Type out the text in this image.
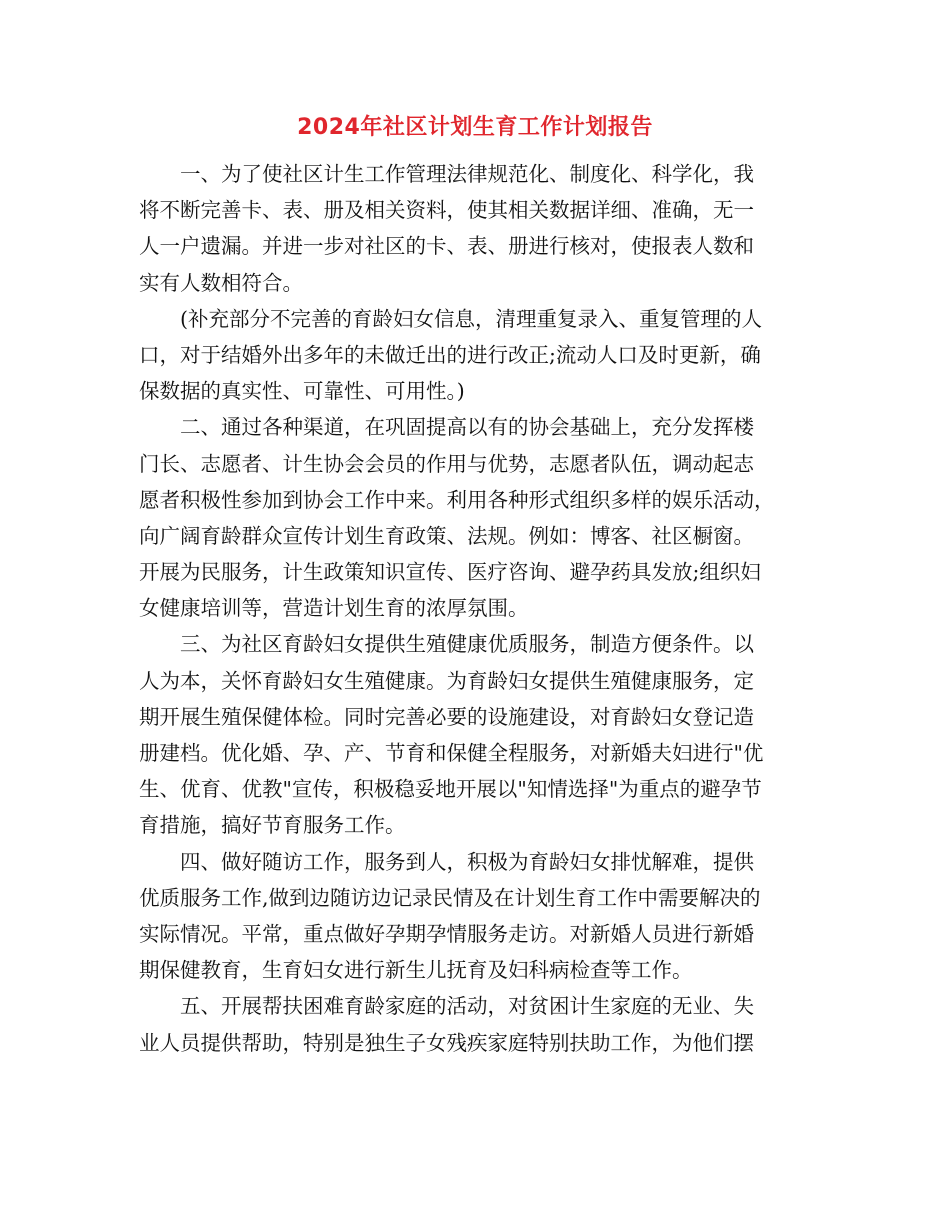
2024年社区计划生育工作计划报告
一、为了使社区计生工作管理法律规范化、制度化、科学化，我
将不断完善卡、表、册及相关资料，使其相关数据详细、准确，无一
人一户遗漏。并进一步对社区的卡、表、册进行核对，使报表人数和
实有人数相符合。
(补充部分不完善的育龄妇女信息，清理重复录入、重复管理的人
口，对于结婚外出多年的未做迁出的进行改正;流动人口及时更新，确
保数据的真实性、可靠性、可用性。)
二、通过各种渠道，在巩固提高以有的协会基础上，充分发挥楼
门长、志愿者、计生协会会员的作用与优势，志愿者队伍，调动起志
愿者积极性参加到协会工作中来。利用各种形式组织多样的娱乐活动，
向广阔育龄群众宣传计划生育政策、法规。例如：博客、社区橱窗。
开展为民服务，计生政策知识宣传、医疗咨询、避孕药具发放;组织妇
女健康培训等，营造计划生育的浓厚氛围。
三、为社区育龄妇女提供生殖健康优质服务，制造方便条件。以
人为本，关怀育龄妇女生殖健康。为育龄妇女提供生殖健康服务，定
期开展生殖保健体检。同时完善必要的设施建设，对育龄妇女登记造
册建档。优化婚、孕、产、节育和保健全程服务，对新婚夫妇进行"优
生、优育、优教"宣传，积极稳妥地开展以"知情选择"为重点的避孕节
育措施，搞好节育服务工作。
四、做好随访工作，服务到人，积极为育龄妇女排忧解难，提供
优质服务工作,做到边随访边记录民情及在计划生育工作中需要解决的
实际情况。平常，重点做好孕期孕情服务走访。对新婚人员进行新婚
期保健教育，生育妇女进行新生儿抚育及妇科病检查等工作。
五、开展帮扶困难育龄家庭的活动，对贫困计生家庭的无业、失
业人员提供帮助，特别是独生子女残疾家庭特别扶助工作，为他们摆
